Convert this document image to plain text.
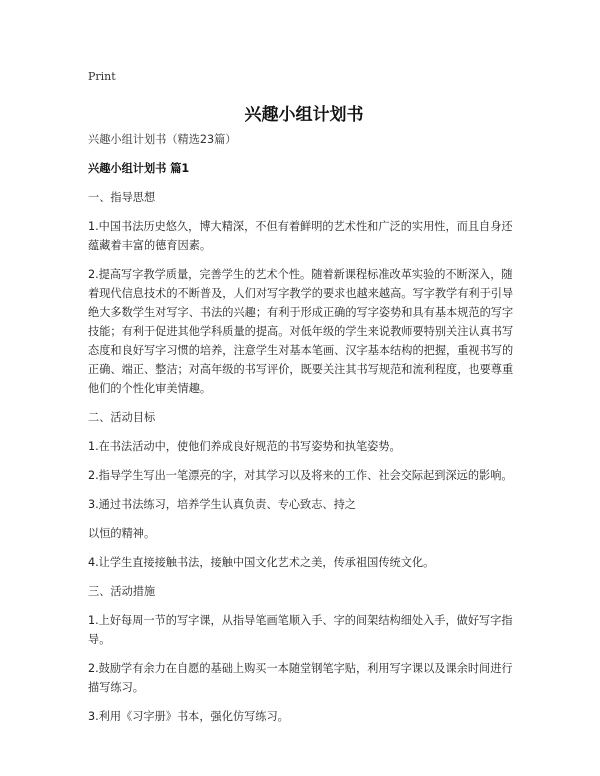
Print
兴趣小组计划书

兴趣小组计划书（精选23篇）

兴趣小组计划书 篇1

一、指导思想

1.中国书法历史悠久，博大精深，不但有着鲜明的艺术性和广泛的实用性，而且自身还蕴藏着丰富的德育因素。

2.提高写字教学质量，完善学生的艺术个性。随着新课程标准改革实验的不断深入，随着现代信息技术的不断普及，人们对写字教学的要求也越来越高。写字教学有利于引导绝大多数学生对写字、书法的兴趣；有利于形成正确的写字姿势和具有基本规范的写字技能；有利于促进其他学科质量的提高。对低年级的学生来说教师要特别关注认真书写态度和良好写字习惯的培养，注意学生对基本笔画、汉字基本结构的把握，重视书写的正确、端正、整洁；对高年级的书写评价，既要关注其书写规范和流利程度，也要尊重他们的个性化审美情趣。

二、活动目标

1.在书法活动中，使他们养成良好规范的书写姿势和执笔姿势。

2.指导学生写出一笔漂亮的字，对其学习以及将来的工作、社会交际起到深远的影响。

3.通过书法练习，培养学生认真负责、专心致志、持之

以恒的精神。

4.让学生直接接触书法，接触中国文化艺术之美，传承祖国传统文化。

三、活动措施

1.上好每周一节的写字课，从指导笔画笔顺入手、字的间架结构细处入手，做好写字指导。

2.鼓励学有余力在自愿的基础上购买一本随堂钢笔字贴，利用写字课以及课余时间进行描写练习。

3.利用《习字册》书本，强化仿写练习。
